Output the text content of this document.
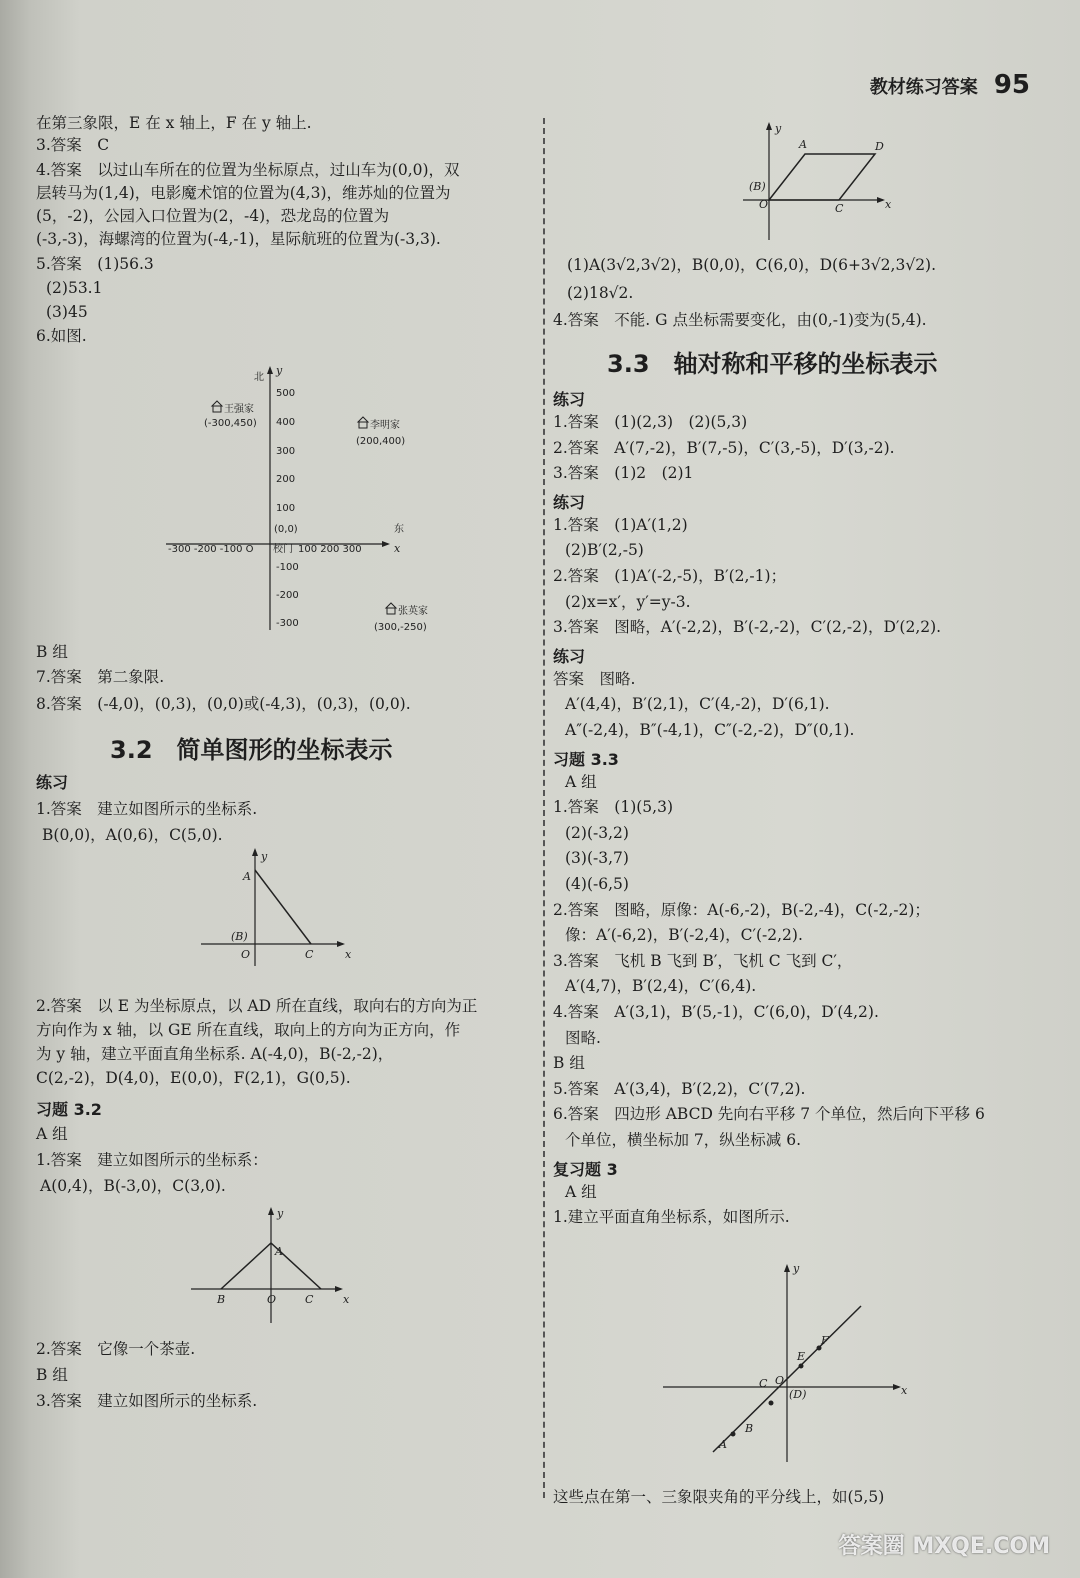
教材练习答案 95
在第三象限，E 在 x 轴上，F 在 y 轴上.
3.答案　C
4.答案　以过山车所在的位置为坐标原点，过山车为(0,0)，双
层转马为(1,4)，电影魔术馆的位置为(4,3)，维苏灿的位置为
(5，-2)，公园入口位置为(2，-4)，恐龙岛的位置为
(-3,-3)，海螺湾的位置为(-4,-1)，星际航班的位置为(-3,3).
5.答案　(1)56.3
(2)53.1
(3)45
6.如图.
北
y
东
x
500
400
300
200
100
-100
-200
-300
(0,0)
-300 -200 -100 O 校门 100 200 300
王强家
(-300,450)	李明家
(200,400)
张英家
(300,-250)
B 组
7.答案　第二象限.
8.答案　(-4,0)，(0,3)，(0,0)或(-4,3)，(0,3)，(0,0).
3.2　简单图形的坐标表示
练习
1.答案　建立如图所示的坐标系.
B(0,0)，A(0,6)，C(5,0).
y
A
(B)
O	C	x
2.答案　以 E 为坐标原点，以 AD 所在直线，取向右的方向为正
方向作为 x 轴，以 GE 所在直线，取向上的方向为正方向，作
为 y 轴，建立平面直角坐标系. A(-4,0)，B(-2,-2)，
C(2,-2)，D(4,0)，E(0,0)，F(2,1)，G(0,5).
习题 3.2
A 组
1.答案　建立如图所示的坐标系：
A(0,4)，B(-3,0)，C(3,0).
y
A
B	O	C	x
2.答案　它像一个茶壶.
B 组
3.答案　建立如图所示的坐标系.
y
A	D
(B)
O	C	x
(1)A(3√2,3√2)，B(0,0)，C(6,0)，D(6+3√2,3√2).
(2)18√2.
4.答案　不能. G 点坐标需要变化，由(0,-1)变为(5,4).
3.3　轴对称和平移的坐标表示
练习
1.答案　(1)(2,3)　(2)(5,3)
2.答案　A′(7,-2)，B′(7,-5)，C′(3,-5)，D′(3,-2).
3.答案　(1)2　(2)1
练习
1.答案　(1)A′(1,2)
(2)B′(2,-5)
2.答案　(1)A′(-2,-5)，B′(2,-1)；
(2)x=x′，y′=y-3.
3.答案　图略，A′(-2,2)，B′(-2,-2)，C′(2,-2)，D′(2,2).
练习
答案　图略.
A′(4,4)，B′(2,1)，C′(4,-2)，D′(6,1).
A″(-2,4)，B″(-4,1)，C″(-2,-2)，D″(0,1).
习题 3.3
A 组
1.答案　(1)(5,3)
(2)(-3,2)
(3)(-3,7)
(4)(-6,5)
2.答案　图略，原像：A(-6,-2)，B(-2,-4)，C(-2,-2)；
像：A′(-6,2)，B′(-2,4)，C′(-2,2).
3.答案　飞机 B 飞到 B′，飞机 C 飞到 C′，
A′(4,7)，B′(2,4)，C′(6,4).
4.答案　A′(3,1)，B′(5,-1)，C′(6,0)，D′(4,2).
图略.
B 组
5.答案　A′(3,4)，B′(2,2)，C′(7,2).
6.答案　四边形 ABCD 先向右平移 7 个单位，然后向下平移 6
个单位，横坐标加 7，纵坐标减 6.
复习题 3
A 组
1.建立平面直角坐标系，如图所示.
y
F
E
C O
(D)
B
A
x
这些点在第一、三象限夹角的平分线上，如(5,5)
答案圈 MXQE.COM
